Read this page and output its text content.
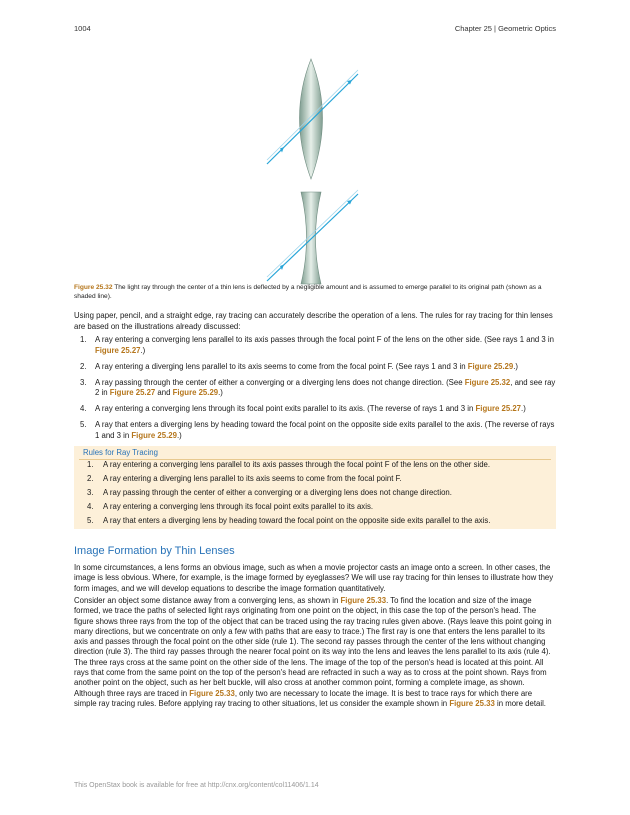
1004	Chapter 25 | Geometric Optics
Figure 25.32 The light ray through the center of a thin lens is deflected by a negligible amount and is assumed to emerge parallel to its original path (shown as a shaded line).
Using paper, pencil, and a straight edge, ray tracing can accurately describe the operation of a lens. The rules for ray tracing for thin lenses are based on the illustrations already discussed:
1. A ray entering a converging lens parallel to its axis passes through the focal point F of the lens on the other side. (See rays 1 and 3 in Figure 25.27.)
2. A ray entering a diverging lens parallel to its axis seems to come from the focal point F. (See rays 1 and 3 in Figure 25.29.)
3. A ray passing through the center of either a converging or a diverging lens does not change direction. (See Figure 25.32, and see ray 2 in Figure 25.27 and Figure 25.29.)
4. A ray entering a converging lens through its focal point exits parallel to its axis. (The reverse of rays 1 and 3 in Figure 25.27.)
5. A ray that enters a diverging lens by heading toward the focal point on the opposite side exits parallel to the axis. (The reverse of rays 1 and 3 in Figure 25.29.)
Rules for Ray Tracing
1. A ray entering a converging lens parallel to its axis passes through the focal point F of the lens on the other side.
2. A ray entering a diverging lens parallel to its axis seems to come from the focal point F.
3. A ray passing through the center of either a converging or a diverging lens does not change direction.
4. A ray entering a converging lens through its focal point exits parallel to its axis.
5. A ray that enters a diverging lens by heading toward the focal point on the opposite side exits parallel to the axis.
Image Formation by Thin Lenses
In some circumstances, a lens forms an obvious image, such as when a movie projector casts an image onto a screen. In other cases, the image is less obvious. Where, for example, is the image formed by eyeglasses? We will use ray tracing for thin lenses to illustrate how they form images, and we will develop equations to describe the image formation quantitatively.
Consider an object some distance away from a converging lens, as shown in Figure 25.33. To find the location and size of the image formed, we trace the paths of selected light rays originating from one point on the object, in this case the top of the person's head. The figure shows three rays from the top of the object that can be traced using the ray tracing rules given above. (Rays leave this point going in many directions, but we concentrate on only a few with paths that are easy to trace.) The first ray is one that enters the lens parallel to its axis and passes through the focal point on the other side (rule 1). The second ray passes through the center of the lens without changing direction (rule 3). The third ray passes through the nearer focal point on its way into the lens and leaves the lens parallel to its axis (rule 4). The three rays cross at the same point on the other side of the lens. The image of the top of the person's head is located at this point. All rays that come from the same point on the top of the person's head are refracted in such a way as to cross at the point shown. Rays from another point on the object, such as her belt buckle, will also cross at another common point, forming a complete image, as shown. Although three rays are traced in Figure 25.33, only two are necessary to locate the image. It is best to trace rays for which there are simple ray tracing rules. Before applying ray tracing to other situations, let us consider the example shown in Figure 25.33 in more detail.
This OpenStax book is available for free at http://cnx.org/content/col11406/1.14
